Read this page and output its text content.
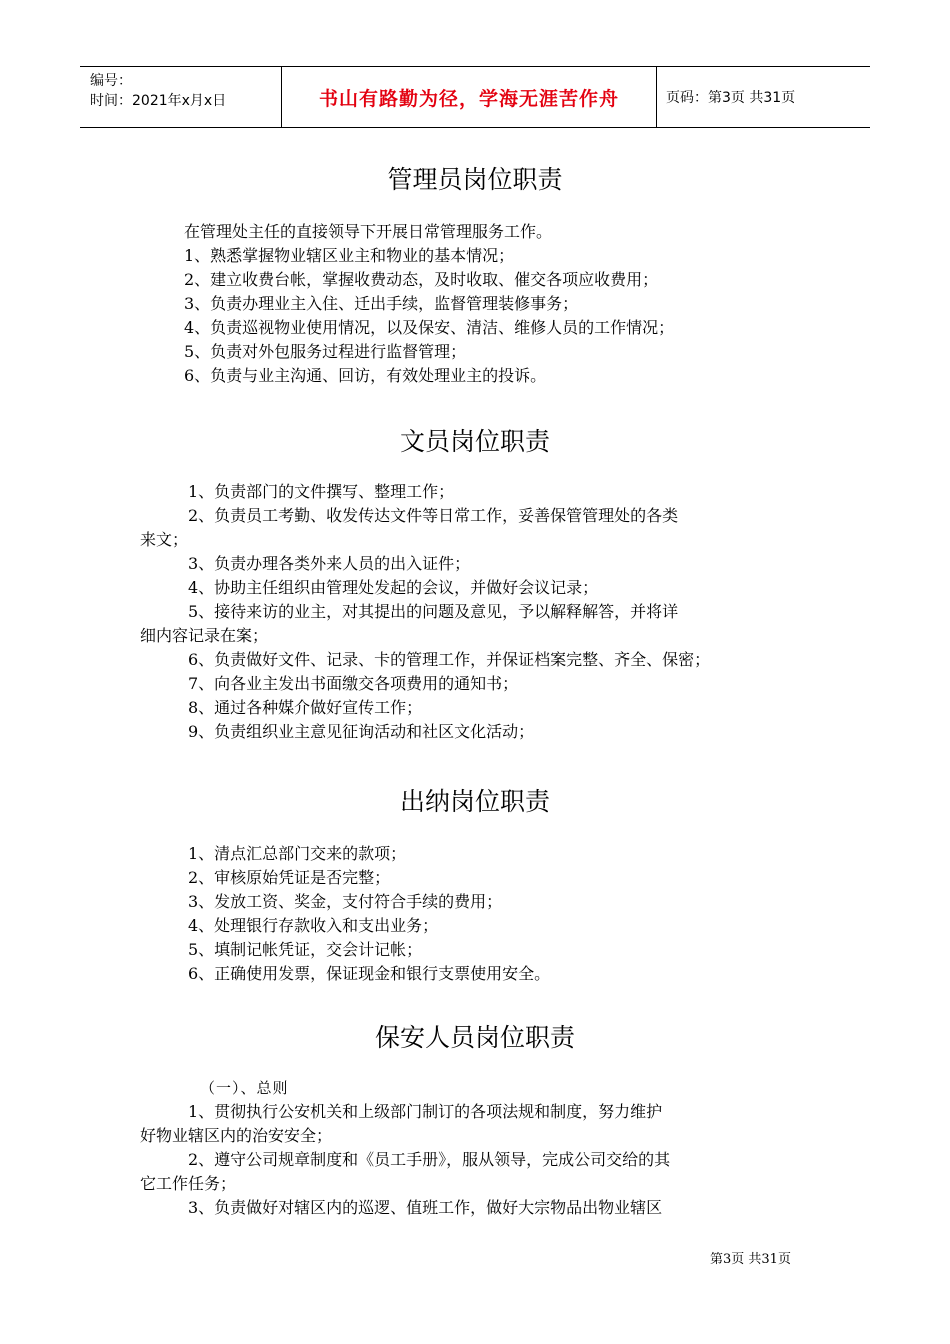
编号：
时间：2021年x月x日	书山有路勤为径，学海无涯苦作舟	页码：第3页 共31页
管理员岗位职责
在管理处主任的直接领导下开展日常管理服务工作。
1、熟悉掌握物业辖区业主和物业的基本情况；
2、建立收费台帐，掌握收费动态，及时收取、催交各项应收费用；
3、负责办理业主入住、迁出手续，监督管理装修事务；
4、负责巡视物业使用情况，以及保安、清洁、维修人员的工作情况；
5、负责对外包服务过程进行监督管理；
6、负责与业主沟通、回访，有效处理业主的投诉。
文员岗位职责
1、负责部门的文件撰写、整理工作；
2、负责员工考勤、收发传达文件等日常工作，妥善保管管理处的各类
来文；
3、负责办理各类外来人员的出入证件；
4、协助主任组织由管理处发起的会议，并做好会议记录；
5、接待来访的业主，对其提出的问题及意见，予以解释解答，并将详
细内容记录在案；
6、负责做好文件、记录、卡的管理工作，并保证档案完整、齐全、保密；
7、向各业主发出书面缴交各项费用的通知书；
8、通过各种媒介做好宣传工作；
9、负责组织业主意见征询活动和社区文化活动；
出纳岗位职责
1、清点汇总部门交来的款项；
2、审核原始凭证是否完整；
3、发放工资、奖金，支付符合手续的费用；
4、处理银行存款收入和支出业务；
5、填制记帐凭证，交会计记帐；
6、正确使用发票，保证现金和银行支票使用安全。
保安人员岗位职责
（一）、总则
1、贯彻执行公安机关和上级部门制订的各项法规和制度，努力维护
好物业辖区内的治安安全；
2、遵守公司规章制度和《员工手册》，服从领导，完成公司交给的其
它工作任务；
3、负责做好对辖区内的巡逻、值班工作，做好大宗物品出物业辖区
第3页 共31页
